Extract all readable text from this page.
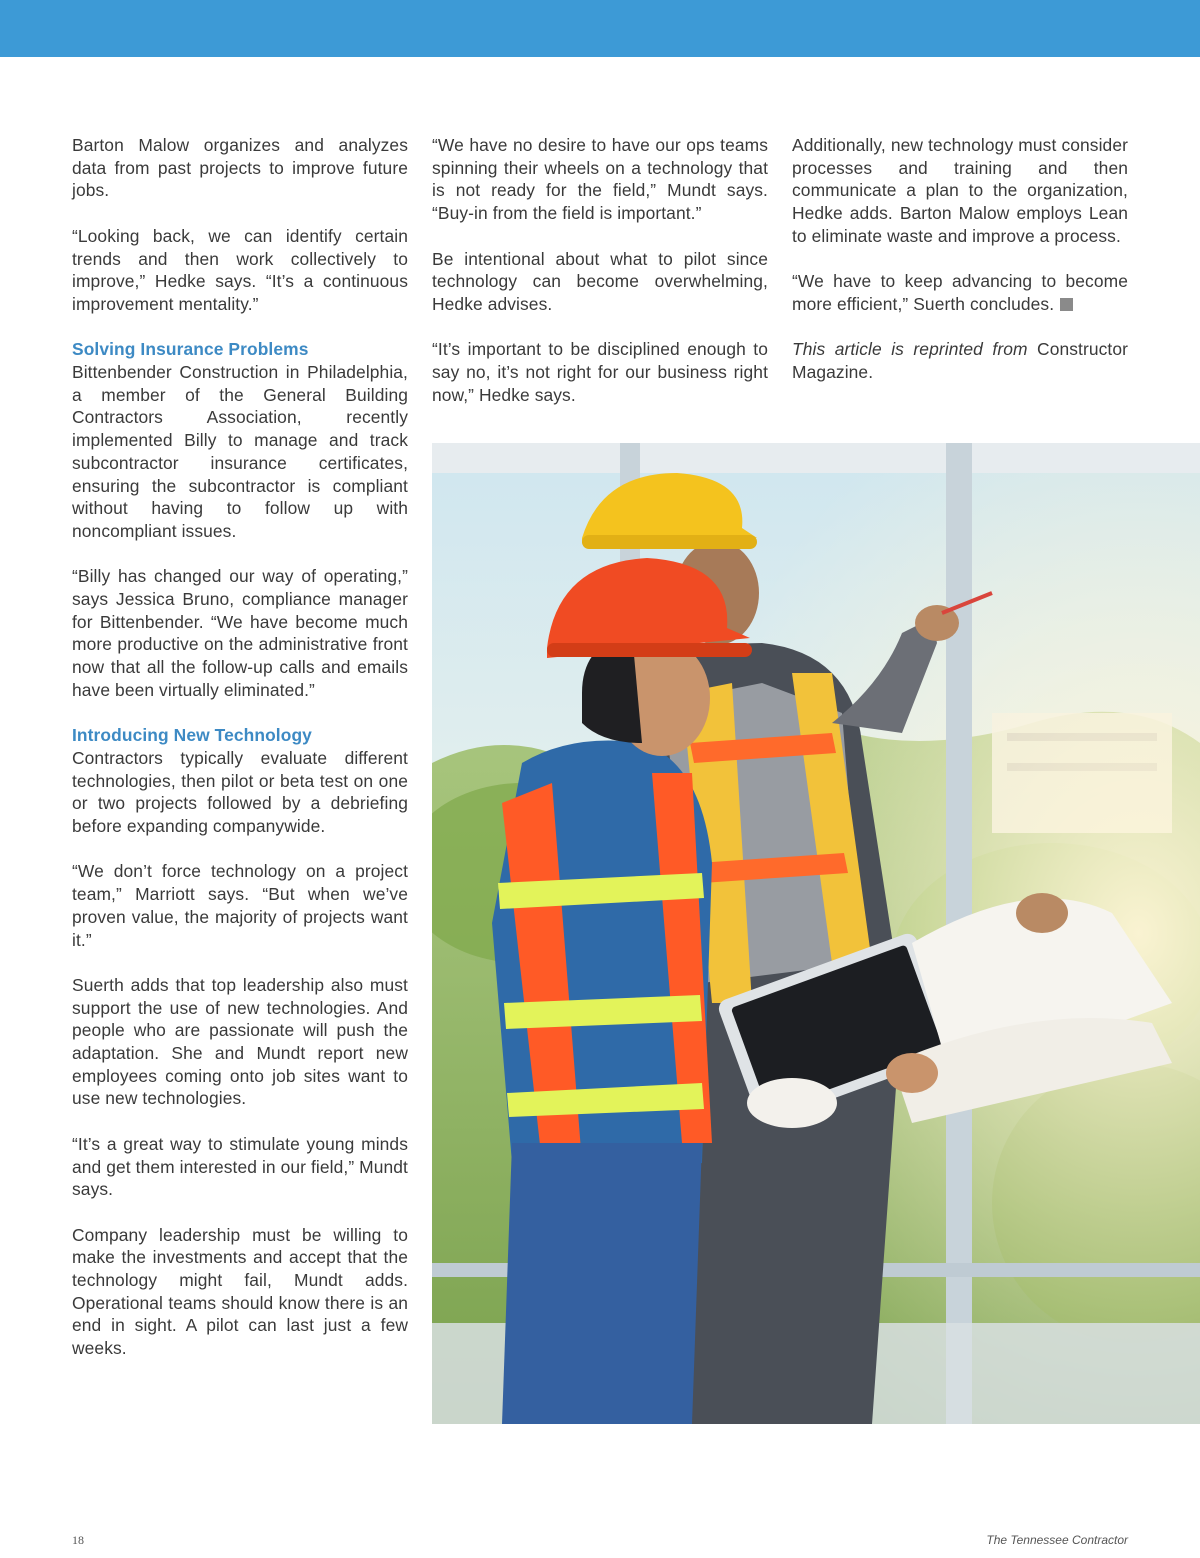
Barton Malow organizes and analyzes data from past projects to improve future jobs.

“Looking back, we can identify certain trends and then work collectively to improve,” Hedke says. “It’s a continuous improvement mentality.”

Solving Insurance Problems
Bittenbender Construction in Philadelphia, a member of the General Building Contractors Association, recently implemented Billy to manage and track subcontractor insurance certificates, ensuring the subcontractor is compliant without having to follow up with noncompliant issues.

“Billy has changed our way of operating,” says Jessica Bruno, compliance manager for Bittenbender. “We have become much more productive on the administrative front now that all the follow-up calls and emails have been virtually eliminated.”

Introducing New Technology
Contractors typically evaluate different technologies, then pilot or beta test on one or two projects followed by a debriefing before expanding companywide.

“We don’t force technology on a project team,” Marriott says. “But when we’ve proven value, the majority of projects want it.”

Suerth adds that top leadership also must support the use of new technologies. And people who are passionate will push the adaptation. She and Mundt report new employees coming onto job sites want to use new technologies.

“It’s a great way to stimulate young minds and get them interested in our field,” Mundt says.

Company leadership must be willing to make the investments and accept that the technology might fail, Mundt adds. Operational teams should know there is an end in sight. A pilot can last just a few weeks.

“We have no desire to have our ops teams spinning their wheels on a technology that is not ready for the field,” Mundt says. “Buy-in from the field is important.”

Be intentional about what to pilot since technology can become overwhelming, Hedke advises.

“It’s important to be disciplined enough to say no, it’s not right for our business right now,” Hedke says.

Additionally, new technology must consider processes and training and then communicate a plan to the organization, Hedke adds. Barton Malow employs Lean to eliminate waste and improve a process.

“We have to keep advancing to become more efficient,” Suerth concludes.

This article is reprinted from Constructor Magazine.

18	The Tennessee Contractor
